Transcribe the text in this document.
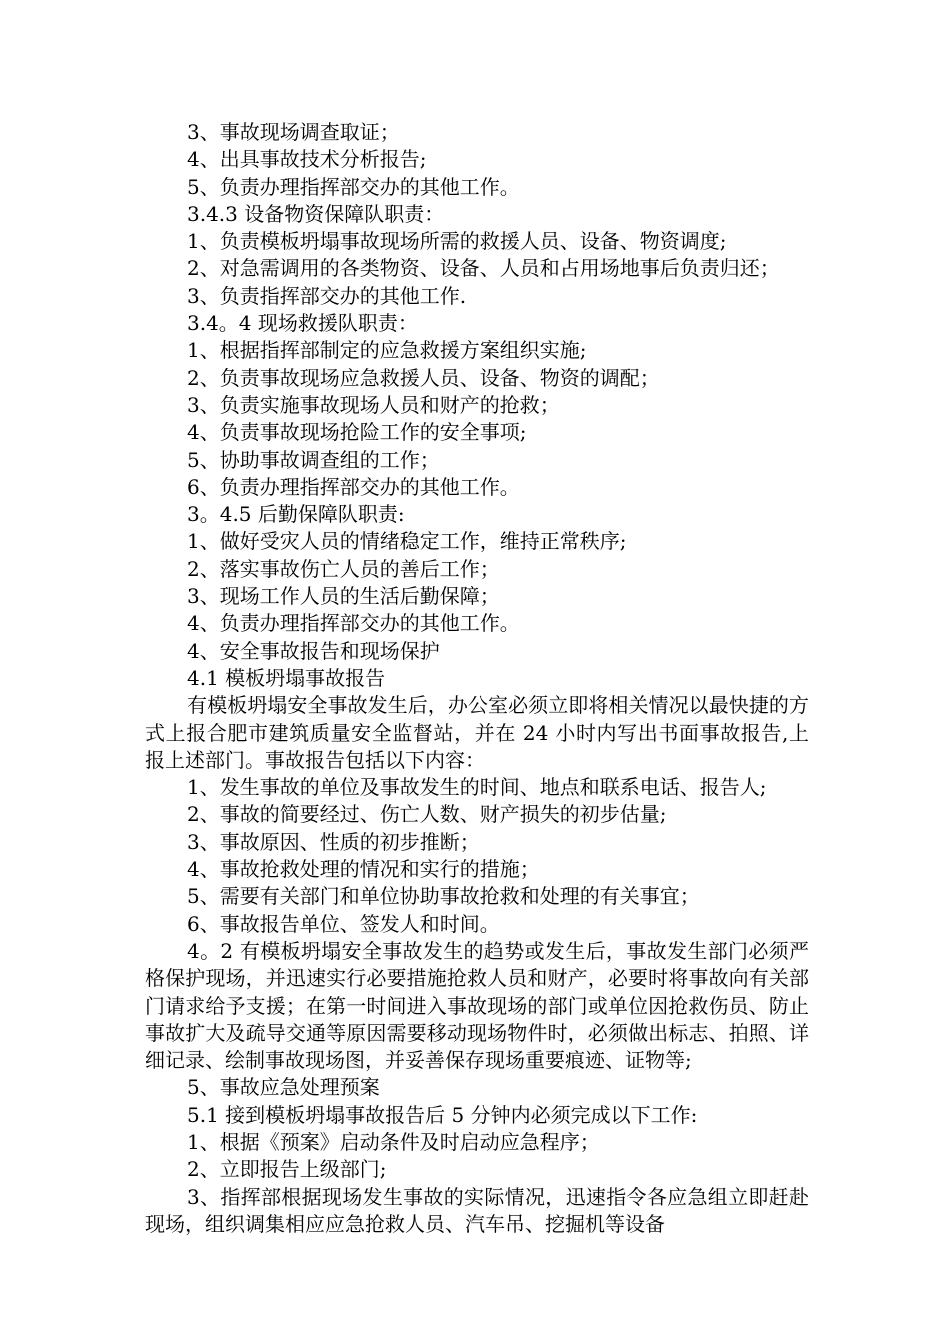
3、事故现场调查取证；

4、出具事故技术分析报告;

5、负责办理指挥部交办的其他工作。

3.4.3 设备物资保障队职责：

1、负责模板坍塌事故现场所需的救援人员、设备、物资调度;

2、对急需调用的各类物资、设备、人员和占用场地事后负责归还；

3、负责指挥部交办的其他工作.

3.4。4 现场救援队职责：

1、根据指挥部制定的应急救援方案组织实施;

2、负责事故现场应急救援人员、设备、物资的调配；

3、负责实施事故现场人员和财产的抢救；

4、负责事故现场抢险工作的安全事项;

5、协助事故调查组的工作；

6、负责办理指挥部交办的其他工作。

3。4.5 后勤保障队职责:

1、做好受灾人员的情绪稳定工作，维持正常秩序;

2、落实事故伤亡人员的善后工作；

3、现场工作人员的生活后勤保障；

4、负责办理指挥部交办的其他工作。

4、安全事故报告和现场保护

4.1 模板坍塌事故报告

有模板坍塌安全事故发生后，办公室必须立即将相关情况以最快捷的方式上报合肥市建筑质量安全监督站，并在 24 小时内写出书面事故报告,上报上述部门。事故报告包括以下内容：

1、发生事故的单位及事故发生的时间、地点和联系电话、报告人;

2、事故的简要经过、伤亡人数、财产损失的初步估量;

3、事故原因、性质的初步推断；

4、事故抢救处理的情况和实行的措施；

5、需要有关部门和单位协助事故抢救和处理的有关事宜；

6、事故报告单位、签发人和时间。

4。2 有模板坍塌安全事故发生的趋势或发生后，事故发生部门必须严格保护现场，并迅速实行必要措施抢救人员和财产，必要时将事故向有关部门请求给予支援；在第一时间进入事故现场的部门或单位因抢救伤员、防止事故扩大及疏导交通等原因需要移动现场物件时，必须做出标志、拍照、详细记录、绘制事故现场图，并妥善保存现场重要痕迹、证物等;

5、事故应急处理预案

5.1 接到模板坍塌事故报告后 5 分钟内必须完成以下工作:

1、根据《预案》启动条件及时启动应急程序；

2、立即报告上级部门;

3、指挥部根据现场发生事故的实际情况，迅速指令各应急组立即赶赴现场，组织调集相应应急抢救人员、汽车吊、挖掘机等设备
